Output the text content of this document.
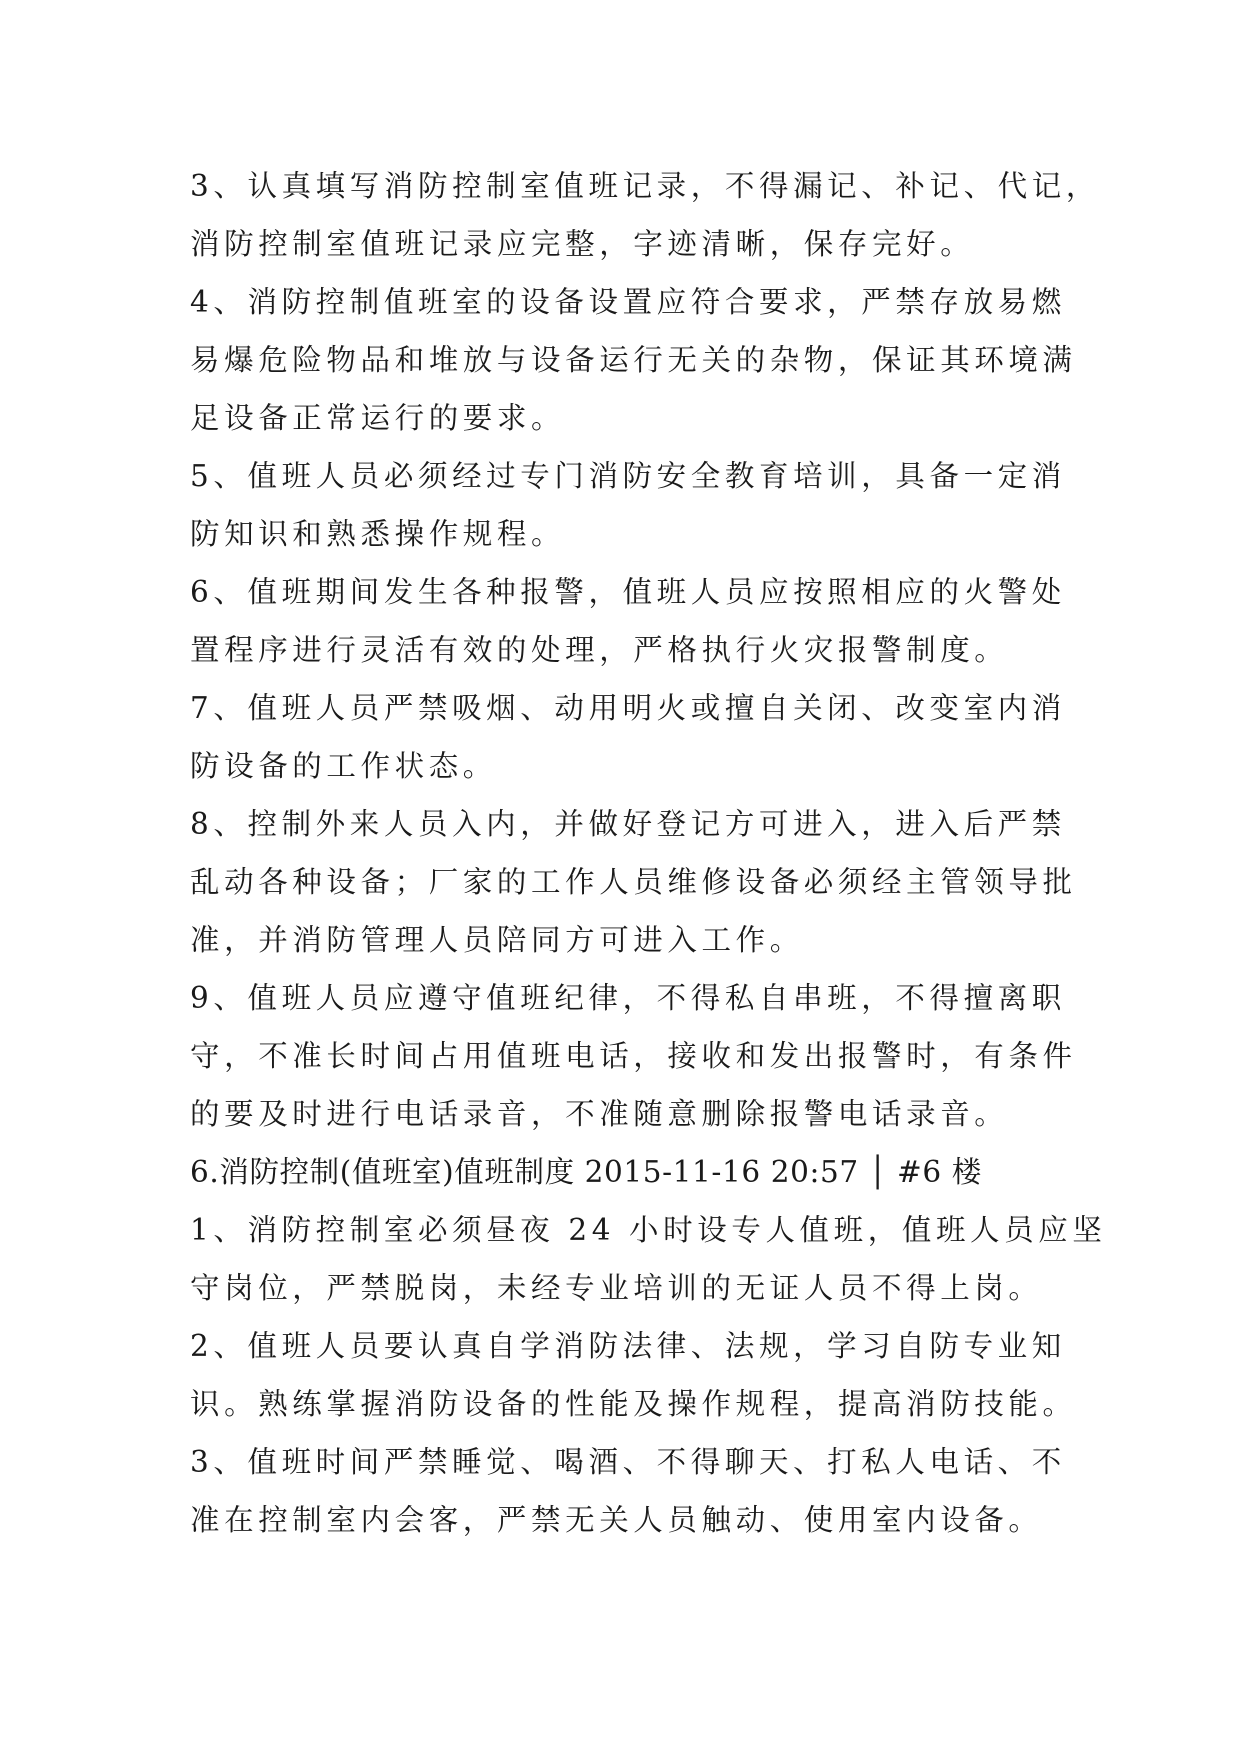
3、认真填写消防控制室值班记录，不得漏记、补记、代记，
消防控制室值班记录应完整，字迹清晰，保存完好。
4、消防控制值班室的设备设置应符合要求，严禁存放易燃
易爆危险物品和堆放与设备运行无关的杂物，保证其环境满
足设备正常运行的要求。
5、值班人员必须经过专门消防安全教育培训，具备一定消
防知识和熟悉操作规程。
6、值班期间发生各种报警，值班人员应按照相应的火警处
置程序进行灵活有效的处理，严格执行火灾报警制度。
7、值班人员严禁吸烟、动用明火或擅自关闭、改变室内消
防设备的工作状态。
8、控制外来人员入内，并做好登记方可进入，进入后严禁
乱动各种设备；厂家的工作人员维修设备必须经主管领导批
准，并消防管理人员陪同方可进入工作。
9、值班人员应遵守值班纪律，不得私自串班，不得擅离职
守，不准长时间占用值班电话，接收和发出报警时，有条件
的要及时进行电话录音，不准随意删除报警电话录音。
6.消防控制(值班室)值班制度 2015-11-16 20:57 │ #6 楼
1、消防控制室必须昼夜 24 小时设专人值班，值班人员应坚
守岗位，严禁脱岗，未经专业培训的无证人员不得上岗。
2、值班人员要认真自学消防法律、法规，学习自防专业知
识。熟练掌握消防设备的性能及操作规程，提高消防技能。
3、值班时间严禁睡觉、喝酒、不得聊天、打私人电话、不
准在控制室内会客，严禁无关人员触动、使用室内设备。
